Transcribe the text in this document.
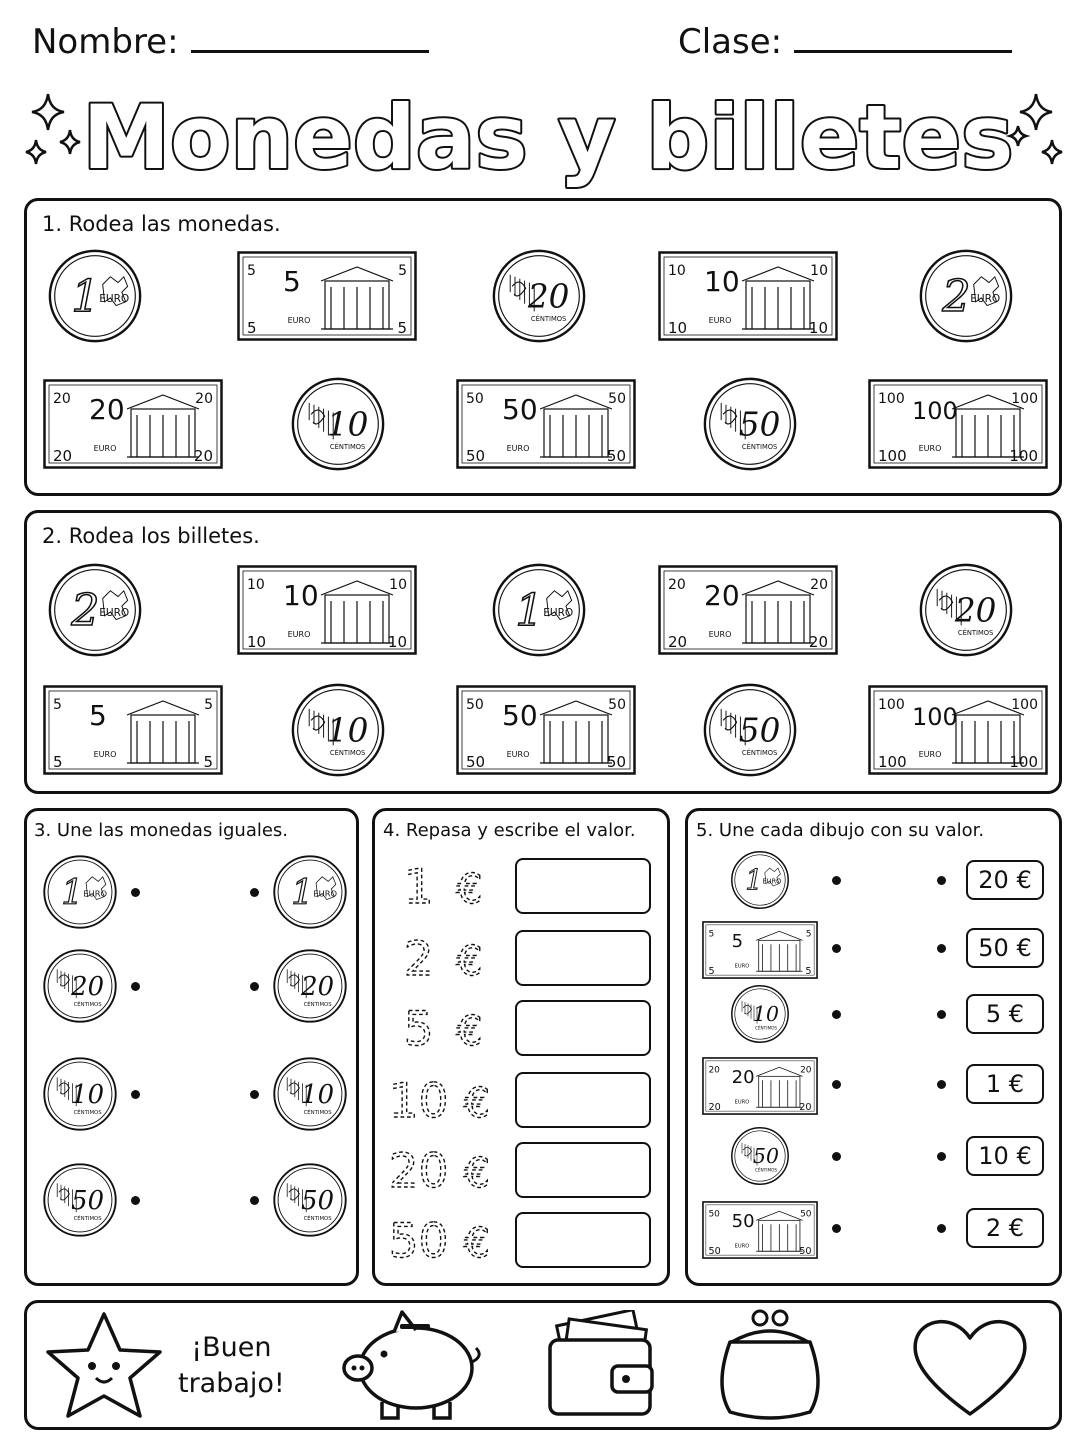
Nombre:	Clase:
Monedas y billetes
1. Rodea las monedas.
1 EURO
5
5
5
5
5
EURO
20
CÉNTIMOS
10
10
10
10
10
EURO	2 EURO
20
20
20
20
20
EURO
10
CÉNTIMOS
50
50
50
50
50
EURO
50
CÉNTIMOS
100
100
100
100
100
EURO
2. Rodea los billetes.
2 EURO
10
10
10
10
10
EURO	1 EURO
20
20
20
20
20
EURO
20
CÉNTIMOS
5
5
5
5
5
EURO
10
CÉNTIMOS
50
50
50
50
50
EURO
50
CÉNTIMOS
100
100
100
100
100
EURO
3. Une las monedas iguales.
1 EURO	1 EURO
20
CÉNTIMOS
20
CÉNTIMOS
10
CÉNTIMOS
10
CÉNTIMOS
50
CÉNTIMOS
50
CÉNTIMOS
4. Repasa y escribe el valor.
1 €
2 €
5 €
10 €
20 €
50 €
5. Une cada dibujo con su valor.
1 EURO	20 €
5
5
5
5
5
EURO
50 €
10
CÉNTIMOS
5 €
20
20
20
20
20
EURO
1 €
50
CÉNTIMOS
10 €
50
50
50
50
50
EURO
2 €
¡Buen
trabajo!
